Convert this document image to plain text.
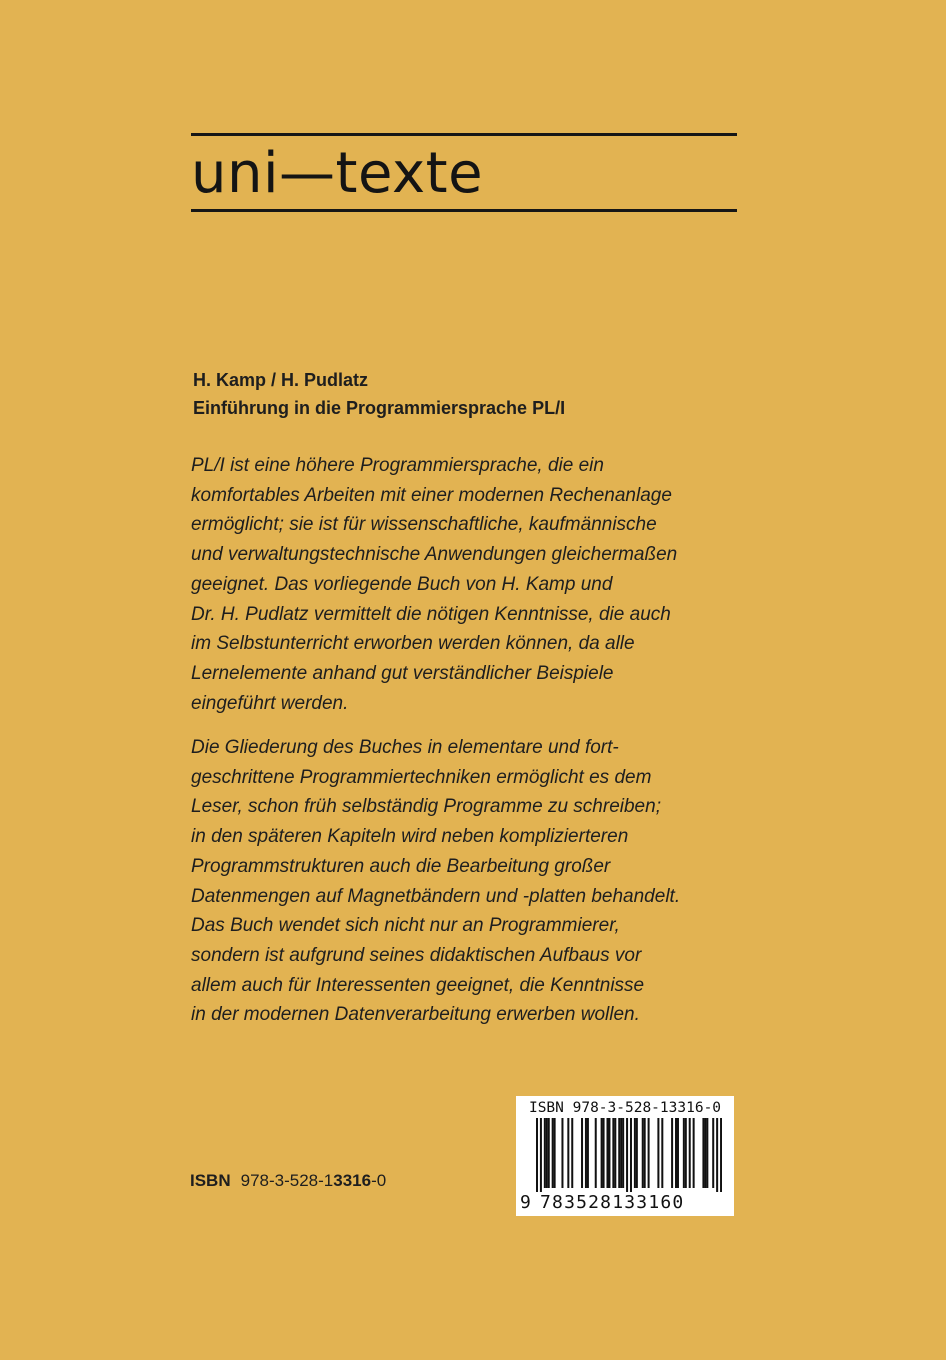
uni—texte
H. Kamp / H. Pudlatz
Einführung in die Programmiersprache PL/I
PL/I ist eine höhere Programmiersprache, die ein
komfortables Arbeiten mit einer modernen Rechenanlage
ermöglicht; sie ist für wissenschaftliche, kaufmännische
und verwaltungstechnische Anwendungen gleichermaßen
geeignet. Das vorliegende Buch von H. Kamp und
Dr. H. Pudlatz vermittelt die nötigen Kenntnisse, die auch
im Selbstunterricht erworben werden können, da alle
Lernelemente anhand gut verständlicher Beispiele
eingeführt werden.
Die Gliederung des Buches in elementare und fort-
geschrittene Programmiertechniken ermöglicht es dem
Leser, schon früh selbständig Programme zu schreiben;
in den späteren Kapiteln wird neben komplizierteren
Programmstrukturen auch die Bearbeitung großer
Datenmengen auf Magnetbändern und -platten behandelt.
Das Buch wendet sich nicht nur an Programmierer,
sondern ist aufgrund seines didaktischen Aufbaus vor
allem auch für Interessenten geeignet, die Kenntnisse
in der modernen Datenverarbeitung erwerben wollen.
ISBN 978-3-528-13316-0
ISBN 978-3-528-13316-0
9 783528133160
